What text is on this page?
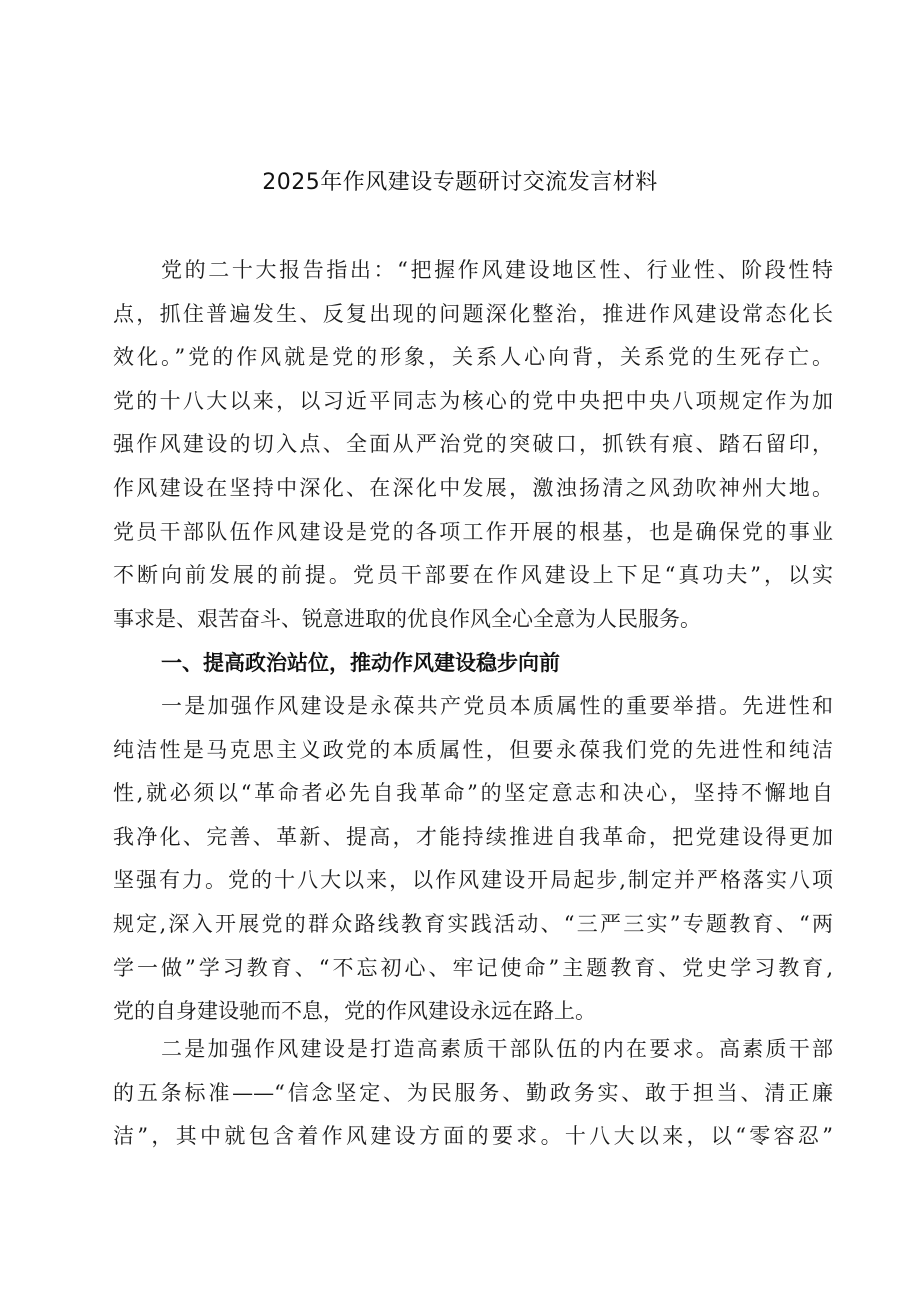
2025年作风建设专题研讨交流发言材料
党的二十大报告指出：“把握作风建设地区性、行业性、阶段性特
点，抓住普遍发生、反复出现的问题深化整治，推进作风建设常态化长
效化。”党的作风就是党的形象，关系人心向背，关系党的生死存亡。
党的十八大以来，以习近平同志为核心的党中央把中央八项规定作为加
强作风建设的切入点、全面从严治党的突破口，抓铁有痕、踏石留印，
作风建设在坚持中深化、在深化中发展，激浊扬清之风劲吹神州大地。
党员干部队伍作风建设是党的各项工作开展的根基，也是确保党的事业
不断向前发展的前提。党员干部要在作风建设上下足“真功夫”，以实
事求是、艰苦奋斗、锐意进取的优良作风全心全意为人民服务。
一、提高政治站位，推动作风建设稳步向前
一是加强作风建设是永葆共产党员本质属性的重要举措。先进性和
纯洁性是马克思主义政党的本质属性，但要永葆我们党的先进性和纯洁
性,就必须以“革命者必先自我革命”的坚定意志和决心，坚持不懈地自
我净化、完善、革新、提高，才能持续推进自我革命，把党建设得更加
坚强有力。党的十八大以来，以作风建设开局起步,制定并严格落实八项
规定,深入开展党的群众路线教育实践活动、“三严三实”专题教育、“两
学一做”学习教育、“不忘初心、牢记使命”主题教育、党史学习教育,
党的自身建设驰而不息，党的作风建设永远在路上。
二是加强作风建设是打造高素质干部队伍的内在要求。高素质干部
的五条标准——“信念坚定、为民服务、勤政务实、敢于担当、清正廉
洁”，其中就包含着作风建设方面的要求。十八大以来，以“零容忍”
